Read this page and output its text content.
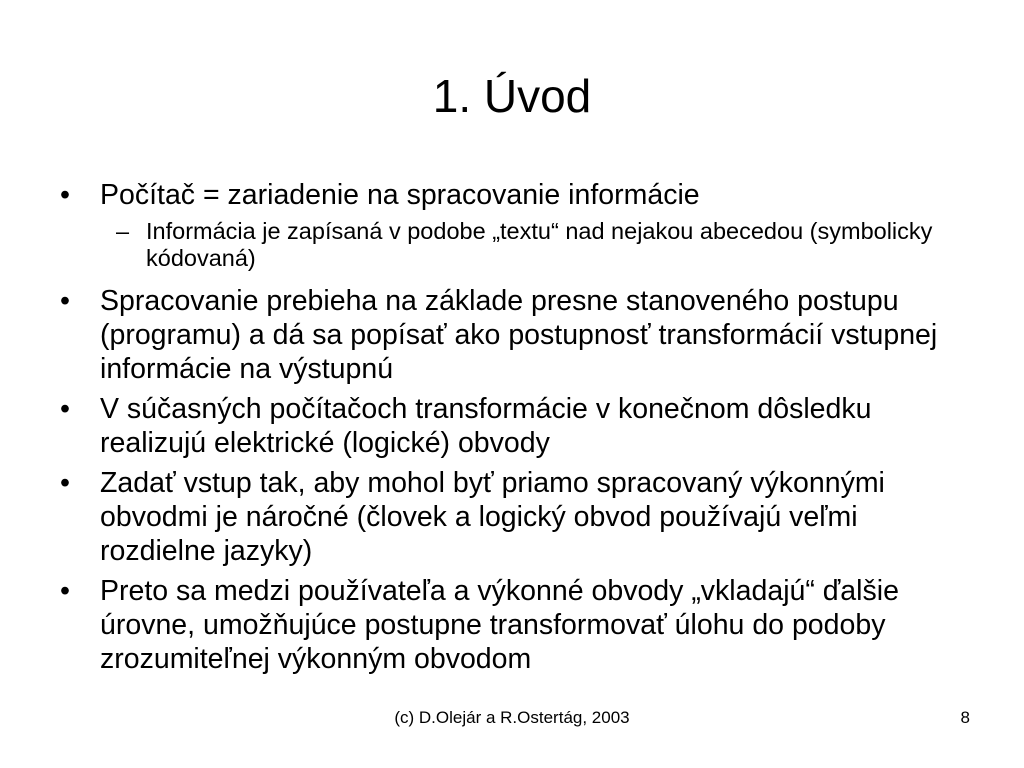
1. Úvod
• Počítač = zariadenie na spracovanie informácie
– Informácia je zapísaná v podobe „textu“ nad nejakou abecedou (symbolicky kódovaná)
• Spracovanie prebieha na základe presne stanoveného postupu (programu) a dá sa popísať ako postupnosť transformácií vstupnej informácie na výstupnú
• V súčasných počítačoch transformácie v konečnom dôsledku realizujú elektrické (logické) obvody
• Zadať vstup tak, aby mohol byť priamo spracovaný výkonnými obvodmi je náročné (človek a logický obvod používajú veľmi rozdielne jazyky)
• Preto sa medzi používateľa a výkonné obvody „vkladajú“ ďalšie úrovne, umožňujúce postupne transformovať úlohu do podoby zrozumiteľnej výkonným obvodom
(c) D.Olejár a R.Ostertág, 2003	8
